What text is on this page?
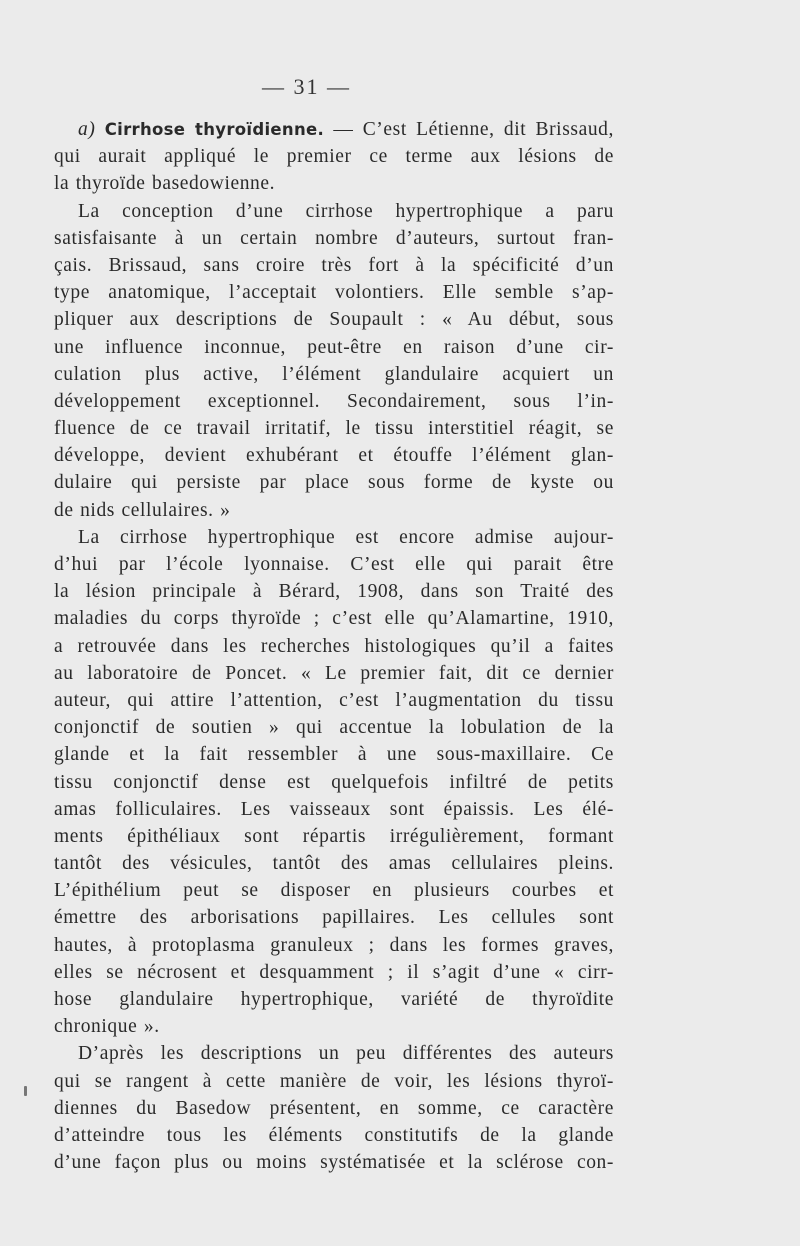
— 31 —
a) Cirrhose thyroïdienne. — C’est Létienne, dit Brissaud,
qui aurait appliqué le premier ce terme aux lésions de
la thyroïde basedowienne.
La conception d’une cirrhose hypertrophique a paru
satisfaisante à un certain nombre d’auteurs, surtout fran-
çais. Brissaud, sans croire très fort à la spécificité d’un
type anatomique, l’acceptait volontiers. Elle semble s’ap-
pliquer aux descriptions de Soupault : « Au début, sous
une influence inconnue, peut-être en raison d’une cir-
culation plus active, l’élément glandulaire acquiert un
développement exceptionnel. Secondairement, sous l’in-
fluence de ce travail irritatif, le tissu interstitiel réagit, se
développe, devient exhubérant et étouffe l’élément glan-
dulaire qui persiste par place sous forme de kyste ou
de nids cellulaires. »
La cirrhose hypertrophique est encore admise aujour-
d’hui par l’école lyonnaise. C’est elle qui parait être
la lésion principale à Bérard, 1908, dans son Traité des
maladies du corps thyroïde ; c’est elle qu’Alamartine, 1910,
a retrouvée dans les recherches histologiques qu’il a faites
au laboratoire de Poncet. « Le premier fait, dit ce dernier
auteur, qui attire l’attention, c’est l’augmentation du tissu
conjonctif de soutien » qui accentue la lobulation de la
glande et la fait ressembler à une sous-maxillaire. Ce
tissu conjonctif dense est quelquefois infiltré de petits
amas folliculaires. Les vaisseaux sont épaissis. Les élé-
ments épithéliaux sont répartis irrégulièrement, formant
tantôt des vésicules, tantôt des amas cellulaires pleins.
L’épithélium peut se disposer en plusieurs courbes et
émettre des arborisations papillaires. Les cellules sont
hautes, à protoplasma granuleux ; dans les formes graves,
elles se nécrosent et desquamment ; il s’agit d’une « cirr-
hose glandulaire hypertrophique, variété de thyroïdite
chronique ».
D’après les descriptions un peu différentes des auteurs
qui se rangent à cette manière de voir, les lésions thyroï-
diennes du Basedow présentent, en somme, ce caractère
d’atteindre tous les éléments constitutifs de la glande
d’une façon plus ou moins systématisée et la sclérose con-
